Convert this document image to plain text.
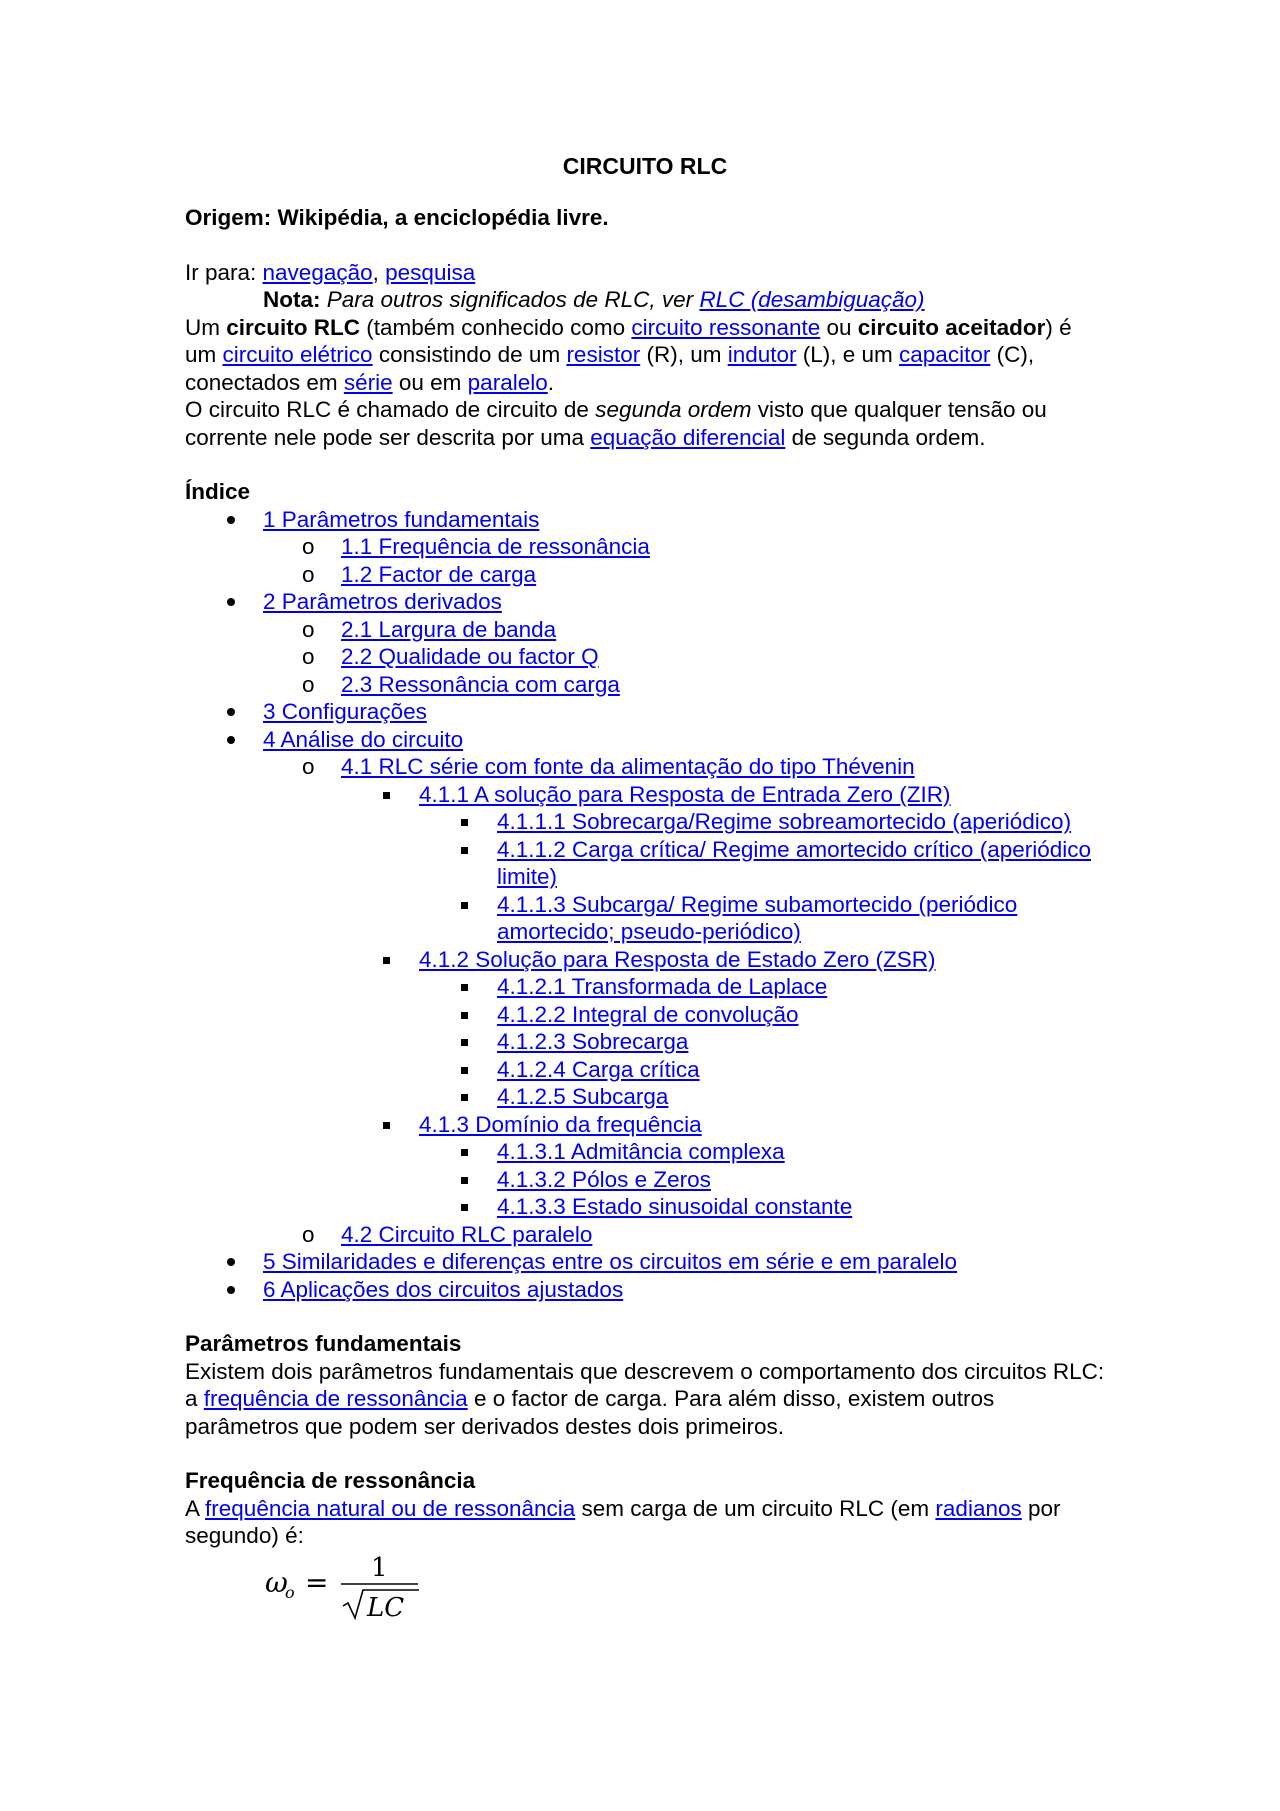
CIRCUITO RLC

Origem: Wikipédia, a enciclopédia livre.

Ir para: navegação, pesquisa

Nota: Para outros significados de RLC, ver RLC (desambiguação)

Um circuito RLC (também conhecido como circuito ressonante ou circuito aceitador) é um circuito elétrico consistindo de um resistor (R), um indutor (L), e um capacitor (C), conectados em série ou em paralelo.

O circuito RLC é chamado de circuito de segunda ordem visto que qualquer tensão ou corrente nele pode ser descrita por uma equação diferencial de segunda ordem.

Índice

1 Parâmetros fundamentais
o 1.1 Frequência de ressonância
o 1.2 Factor de carga
2 Parâmetros derivados
o 2.1 Largura de banda
o 2.2 Qualidade ou factor Q
o 2.3 Ressonância com carga
3 Configurações
4 Análise do circuito
o 4.1 RLC série com fonte da alimentação do tipo Thévenin
4.1.1 A solução para Resposta de Entrada Zero (ZIR)
4.1.1.1 Sobrecarga/Regime sobreamortecido (aperiódico)
4.1.1.2 Carga crítica/ Regime amortecido crítico (aperiódico limite)
4.1.1.3 Subcarga/ Regime subamortecido (periódico amortecido; pseudo-periódico)
4.1.2 Solução para Resposta de Estado Zero (ZSR)
4.1.2.1 Transformada de Laplace
4.1.2.2 Integral de convolução
4.1.2.3 Sobrecarga
4.1.2.4 Carga crítica
4.1.2.5 Subcarga
4.1.3 Domínio da frequência
4.1.3.1 Admitância complexa
4.1.3.2 Pólos e Zeros
4.1.3.3 Estado sinusoidal constante
o 4.2 Circuito RLC paralelo
5 Similaridades e diferenças entre os circuitos em série e em paralelo
6 Aplicações dos circuitos ajustados

Parâmetros fundamentais

Existem dois parâmetros fundamentais que descrevem o comportamento dos circuitos RLC: a frequência de ressonância e o factor de carga. Para além disso, existem outros parâmetros que podem ser derivados destes dois primeiros.

Frequência de ressonância

A frequência natural ou de ressonância sem carga de um circuito RLC (em radianos por segundo) é:

ω
o = 1
LC
